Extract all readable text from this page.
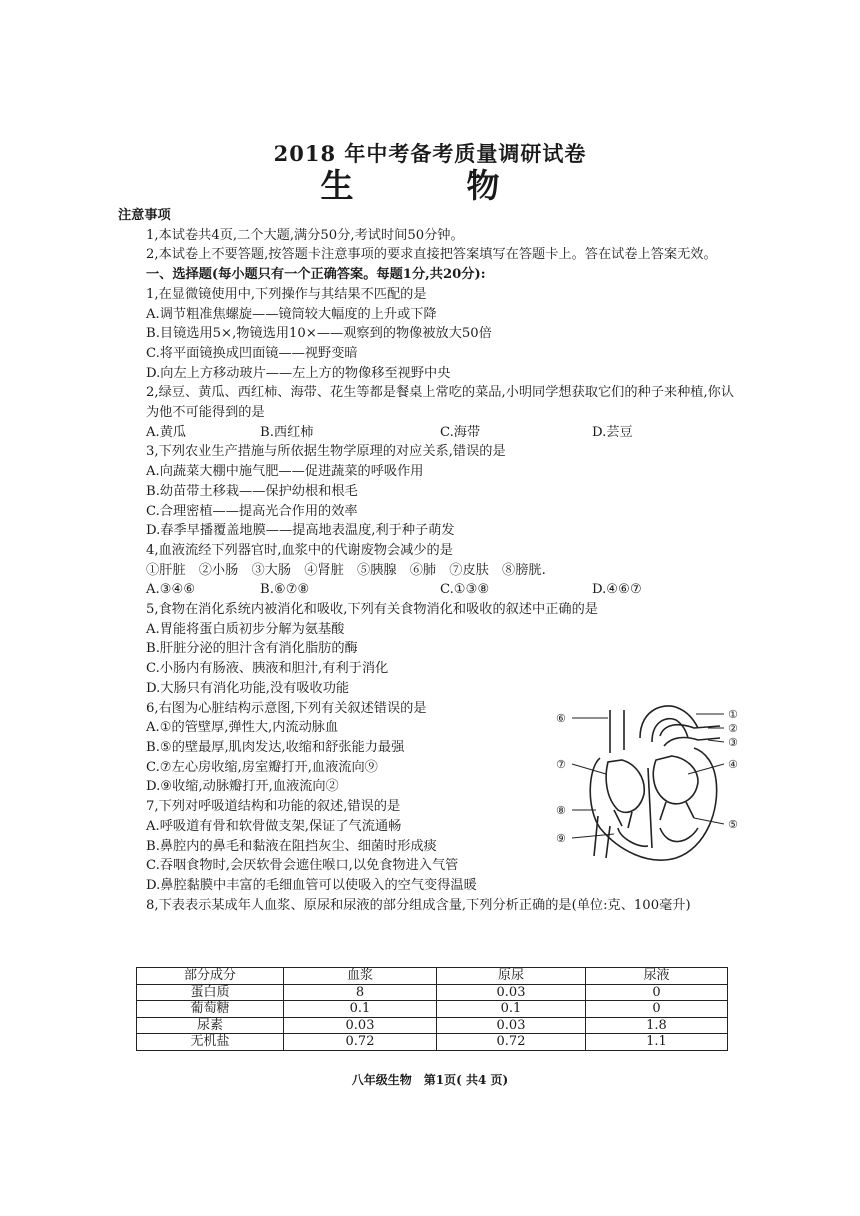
2018 年中考备考质量调研试卷
生　物
注意事项
1,本试卷共4页,二个大题,满分50分,考试时间50分钟。
2,本试卷上不要答题,按答题卡注意事项的要求直接把答案填写在答题卡上。答在试卷上答案无效。
一、选择题(每小题只有一个正确答案。每题1分,共20分):
1,在显微镜使用中,下列操作与其结果不匹配的是
A.调节粗准焦螺旋——镜筒较大幅度的上升或下降
B.目镜选用5×,物镜选用10×——观察到的物像被放大50倍
C.将平面镜换成凹面镜——视野变暗
D.向左上方移动玻片——左上方的物像移至视野中央
2,绿豆、黄瓜、西红柿、海带、花生等都是餐桌上常吃的菜品,小明同学想获取它们的种子来种植,你认为他不可能得到的是
A.黄瓜	B.西红柿	C.海带	D.芸豆
3,下列农业生产措施与所依据生物学原理的对应关系,错误的是
A.向蔬菜大棚中施气肥——促进蔬菜的呼吸作用
B.幼苗带土移栽——保护幼根和根毛
C.合理密植——提高光合作用的效率
D.春季早播覆盖地膜——提高地表温度,利于种子萌发
4,血液流经下列器官时,血浆中的代谢废物会减少的是
①肝脏　②小肠　③大肠　④肾脏　⑤胰腺　⑥肺　⑦皮肤　⑧膀胱.
A.③④⑥	B.⑥⑦⑧	C.①③⑧	D.④⑥⑦
5,食物在消化系统内被消化和吸收,下列有关食物消化和吸收的叙述中正确的是
A.胃能将蛋白质初步分解为氨基酸
B.肝脏分泌的胆汁含有消化脂肪的酶
C.小肠内有肠液、胰液和胆汁,有利于消化
D.大肠只有消化功能,没有吸收功能
6,右图为心脏结构示意图,下列有关叙述错误的是
A.①的管壁厚,弹性大,内流动脉血
B.⑤的壁最厚,肌肉发达,收缩和舒张能力最强
C.⑦左心房收缩,房室瓣打开,血液流向⑨
D.⑨收缩,动脉瓣打开,血液流向②
7,下列对呼吸道结构和功能的叙述,错误的是
A.呼吸道有骨和软骨做支架,保证了气流通畅
B.鼻腔内的鼻毛和黏液在阻挡灰尘、细菌时形成痰
C.吞咽食物时,会厌软骨会遮住喉口,以免食物进入气管
D.鼻腔黏膜中丰富的毛细血管可以使吸入的空气变得温暖
8,下表表示某成年人血浆、原尿和尿液的部分组成含量,下列分析正确的是(单位:克、100毫升)
⑥
⑦
⑧
⑨
①
②
③
④
⑤
部分成分	血浆	原尿	尿液
蛋白质	8	0.03	0
葡萄糖	0.1	0.1	0
尿素	0.03	0.03	1.8
无机盐	0.72	0.72	1.1
八年级生物　第1页( 共4 页)
